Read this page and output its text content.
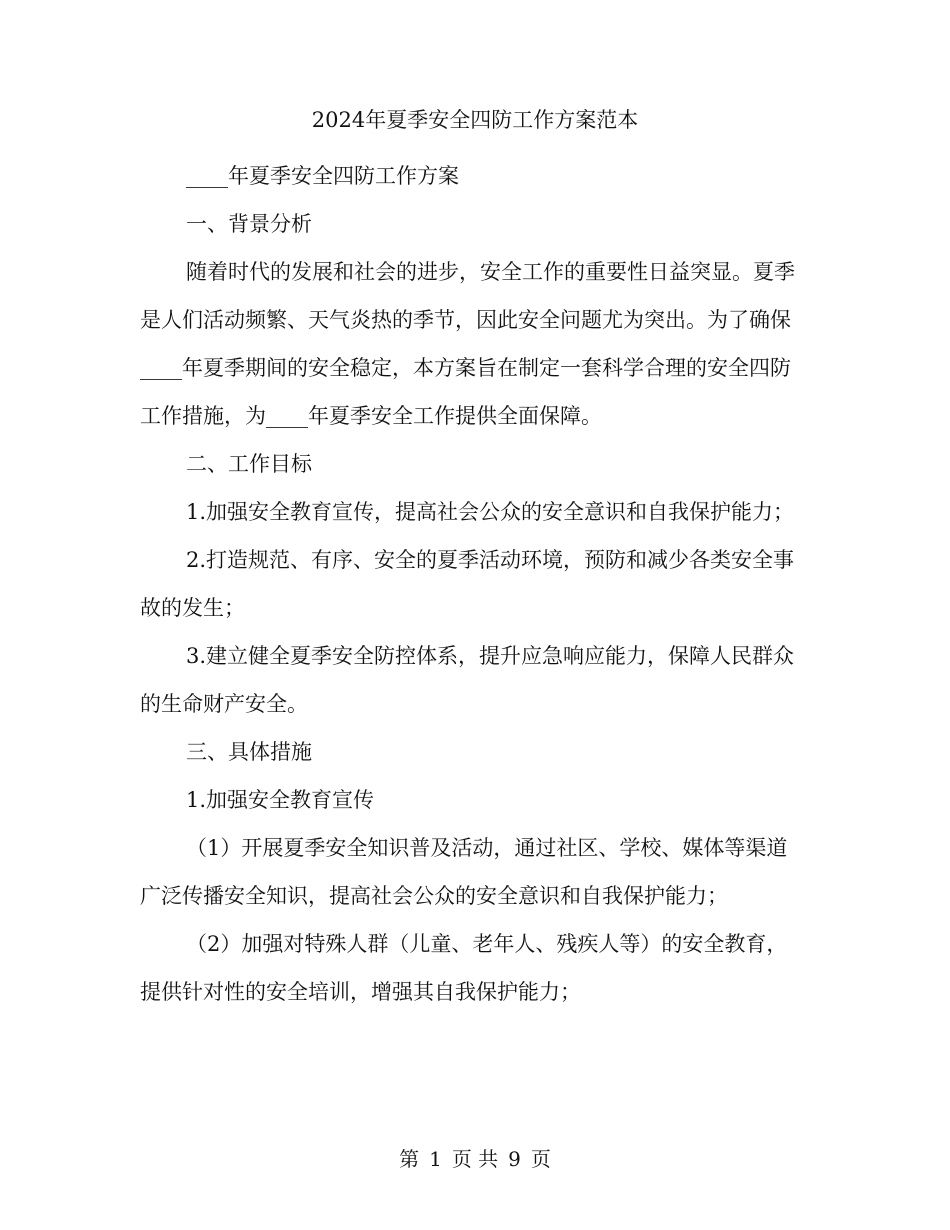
2024年夏季安全四防工作方案范本

____年夏季安全四防工作方案

一、背景分析

随着时代的发展和社会的进步，安全工作的重要性日益突显。夏季是人们活动频繁、天气炎热的季节，因此安全问题尤为突出。为了确保____年夏季期间的安全稳定，本方案旨在制定一套科学合理的安全四防工作措施，为____年夏季安全工作提供全面保障。

二、工作目标

1.加强安全教育宣传，提高社会公众的安全意识和自我保护能力；

2.打造规范、有序、安全的夏季活动环境，预防和减少各类安全事故的发生；

3.建立健全夏季安全防控体系，提升应急响应能力，保障人民群众的生命财产安全。

三、具体措施

1.加强安全教育宣传

（1）开展夏季安全知识普及活动，通过社区、学校、媒体等渠道广泛传播安全知识，提高社会公众的安全意识和自我保护能力；

（2）加强对特殊人群（儿童、老年人、残疾人等）的安全教育，提供针对性的安全培训，增强其自我保护能力；

第 1 页 共 9 页
